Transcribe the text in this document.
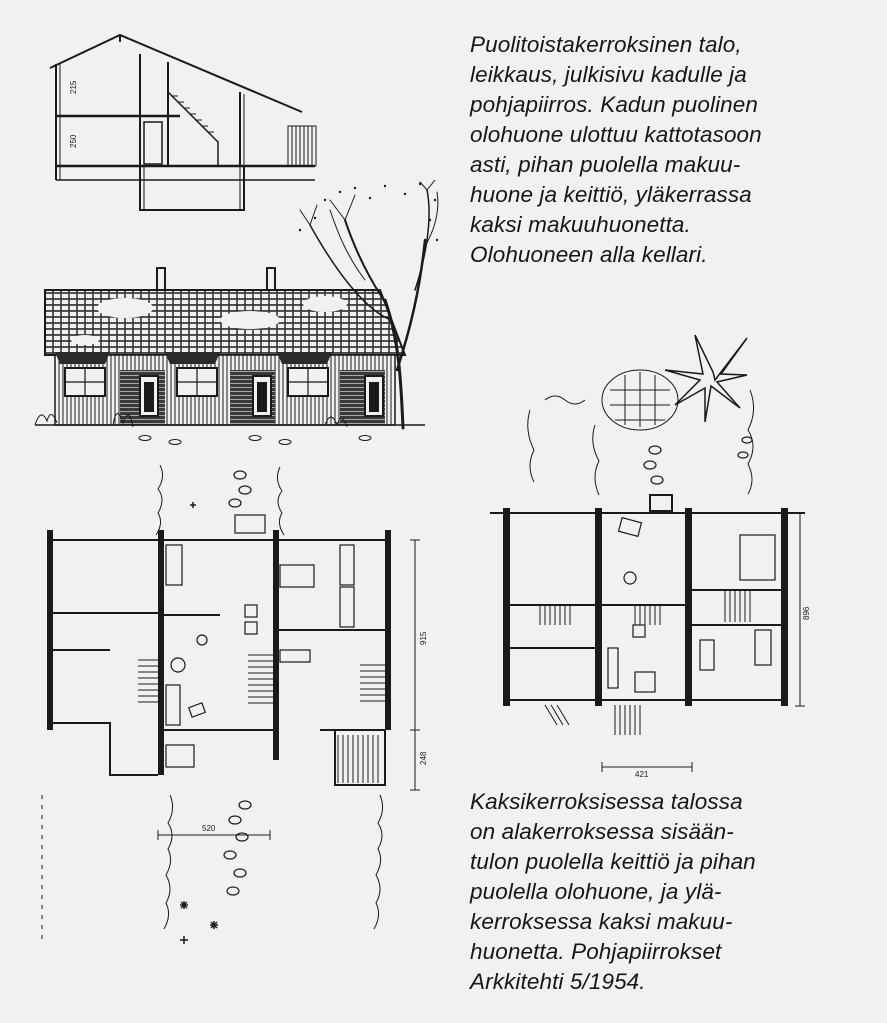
215
250
915
248
520
896
421
Puolitoistakerroksinen talo,
leikkaus, julkisivu kadulle ja
pohjapiirros. Kadun puolinen
olohuone ulottuu kattotasoon
asti, pihan puolella makuu-
huone ja keittiö, yläkerrassa
kaksi makuuhuonetta.
Olohuoneen alla kellari.
Kaksikerroksisessa talossa
on alakerroksessa sisään-
tulon puolella keittiö ja pihan
puolella olohuone, ja ylä-
kerroksessa kaksi makuu-
huonetta. Pohjapiirrokset
Arkkitehti 5/1954.
